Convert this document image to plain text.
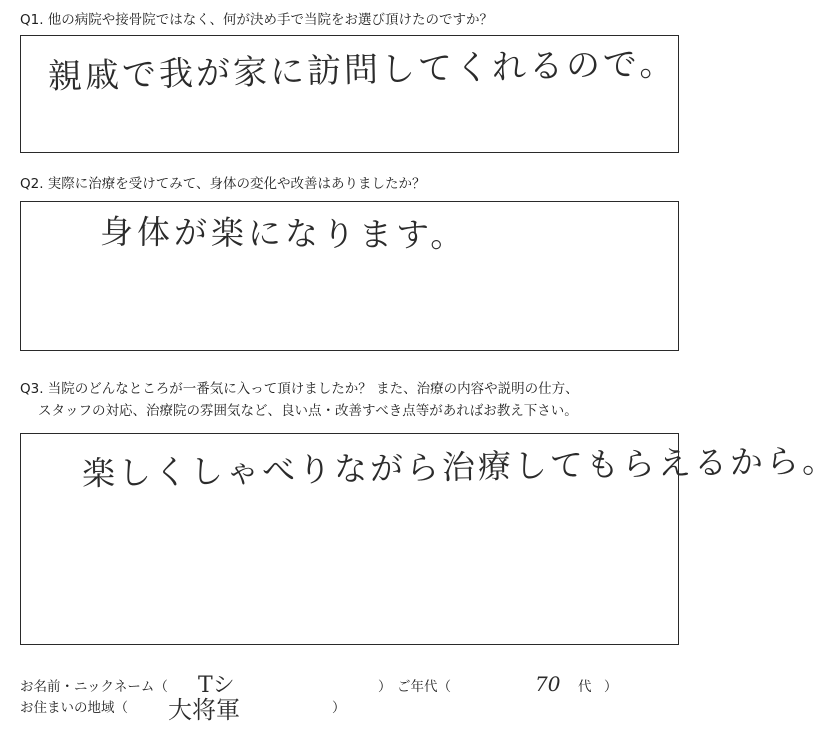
Q1. 他の病院や接骨院ではなく、何が決め手で当院をお選び頂けたのですか？
親戚で我が家に訪問してくれるので。
Q2. 実際に治療を受けてみて、身体の変化や改善はありましたか？
身体が楽になります。
Q3. 当院のどんなところが一番気に入って頂けましたか？ また、治療の内容や説明の仕方、
スタッフの対応、治療院の雰囲気など、良い点・改善すべき点等があればお教え下さい。
楽しくしゃべりながら治療してもらえるから。
お名前・ニックネーム（ Tシ	） ご年代（	70 代 ）
お住まいの地域（ 大将軍	）
